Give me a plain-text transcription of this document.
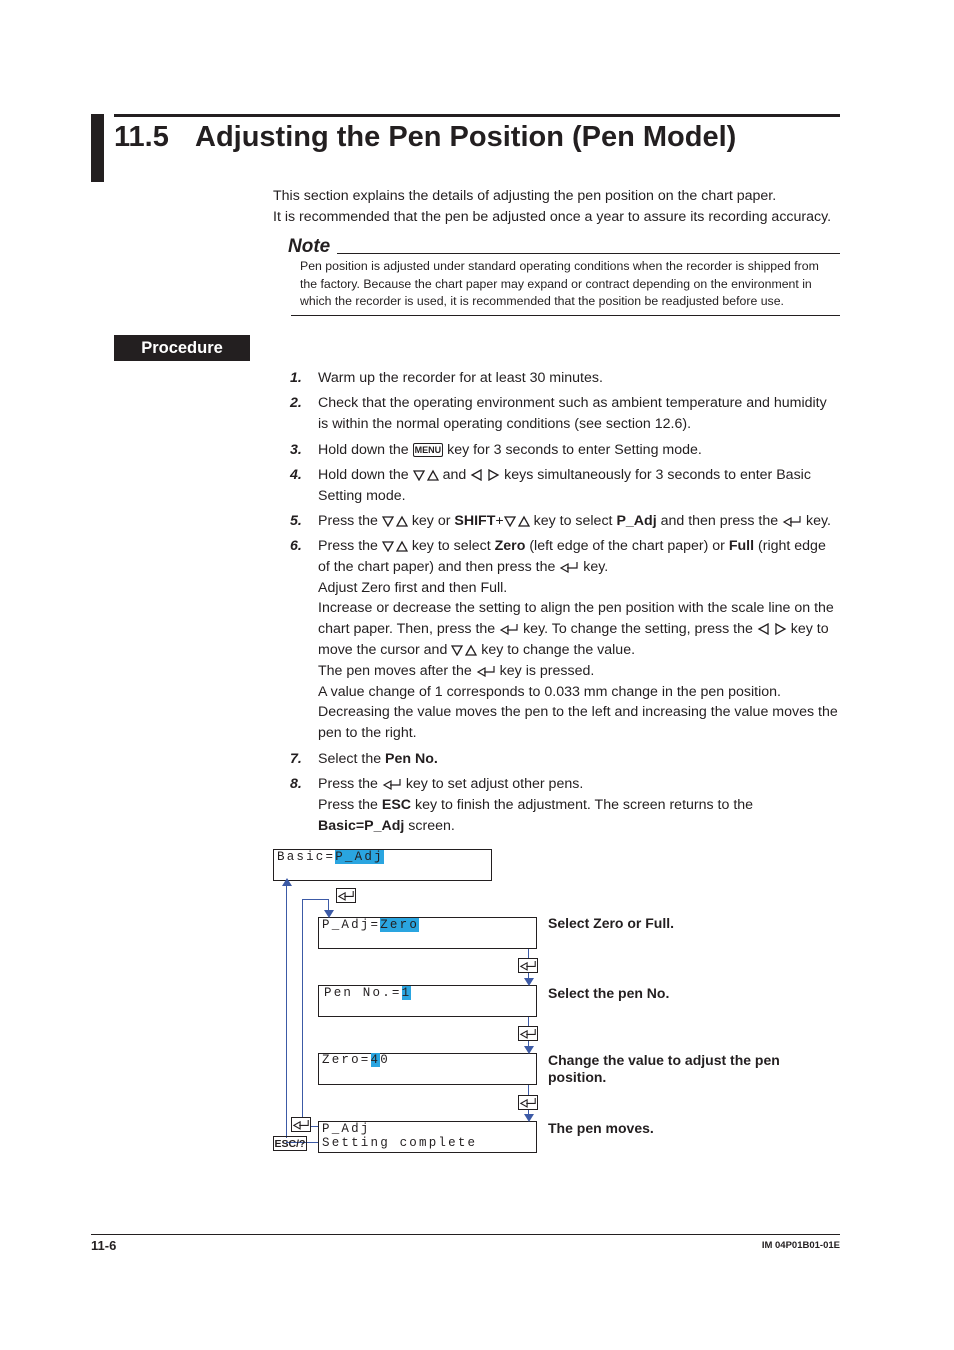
11.5 Adjusting the Pen Position (Pen Model)
This section explains the details of adjusting the pen position on the chart paper.
It is recommended that the pen be adjusted once a year to assure its recording accuracy.
Note
Pen position is adjusted under standard operating conditions when the recorder is shipped from
the factory. Because the chart paper may expand or contract depending on the environment in
which the recorder is used, it is recommended that the position be readjusted before use.
Procedure
1. Warm up the recorder for at least 30 minutes.
2. Check that the operating environment such as ambient temperature and humidity is within the normal operating conditions (see section 12.6).
3. Hold down the MENU key for 3 seconds to enter Setting mode.
4. Hold down the  and  keys simultaneously for 3 seconds to enter Basic Setting mode.
5. Press the  key or SHIFT+ key to select P_Adj and then press the  key.
6. Press the  key to select Zero (left edge of the chart paper) or Full (right edge of the chart paper) and then press the  key.
Adjust Zero first and then Full.
Increase or decrease the setting to align the pen position with the scale line on the chart paper. Then, press the  key. To change the setting, press the  key to move the cursor and  key to change the value.
The pen moves after the  key is pressed.
A value change of 1 corresponds to 0.033 mm change in the pen position. Decreasing the value moves the pen to the left and increasing the value moves the pen to the right.
7. Select the Pen No.
8. Press the  key to set adjust other pens.
Press the ESC key to finish the adjustment. The screen returns to the
Basic=P_Adj screen.
Basic=P_Adj
P_Adj=Zero
Pen No.=1
Zero=40
P_Adj
Setting complete
ESC/?
Select Zero or Full.
Select the pen No.
Change the value to adjust the pen position.
The pen moves.
11-6	IM 04P01B01-01E
